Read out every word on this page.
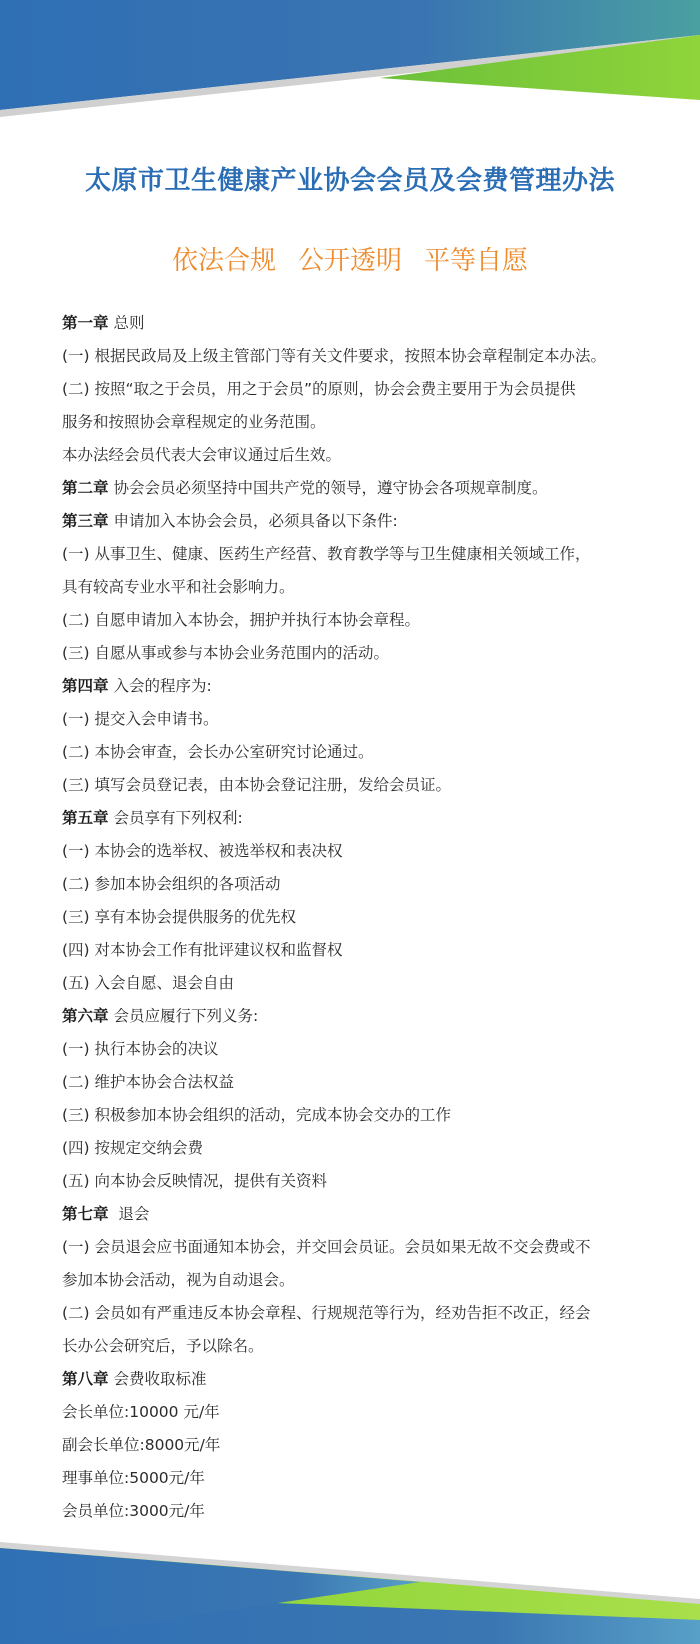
太原市卫生健康产业协会会员及会费管理办法
依法合规 公开透明 平等自愿
第一章 总则
(一) 根据民政局及上级主管部门等有关文件要求，按照本协会章程制定本办法。
(二) 按照“取之于会员，用之于会员”的原则，协会会费主要用于为会员提供
服务和按照协会章程规定的业务范围。
本办法经会员代表大会审议通过后生效。
第二章 协会会员必须坚持中国共产党的领导，遵守协会各项规章制度。
第三章 申请加入本协会会员，必须具备以下条件:
(一) 从事卫生、健康、医药生产经营、教育教学等与卫生健康相关领域工作，
具有较高专业水平和社会影响力。
(二) 自愿申请加入本协会，拥护并执行本协会章程。
(三) 自愿从事或参与本协会业务范围内的活动。
第四章 入会的程序为:
(一) 提交入会申请书。
(二) 本协会审查，会长办公室研究讨论通过。
(三) 填写会员登记表，由本协会登记注册，发给会员证。
第五章 会员享有下列权利:
(一) 本协会的选举权、被选举权和表决权
(二) 参加本协会组织的各项活动
(三) 享有本协会提供服务的优先权
(四) 对本协会工作有批评建议权和监督权
(五) 入会自愿、退会自由
第六章 会员应履行下列义务:
(一) 执行本协会的决议
(二) 维护本协会合法权益
(三) 积极参加本协会组织的活动，完成本协会交办的工作
(四) 按规定交纳会费
(五) 向本协会反映情况，提供有关资料
第七章  退会
(一) 会员退会应书面通知本协会，并交回会员证。会员如果无故不交会费或不
参加本协会活动，视为自动退会。
(二) 会员如有严重违反本协会章程、行规规范等行为，经劝告拒不改正，经会
长办公会研究后，予以除名。
第八章 会费收取标准
会长单位:10000 元/年
副会长单位:8000元/年
理事单位:5000元/年
会员单位:3000元/年
